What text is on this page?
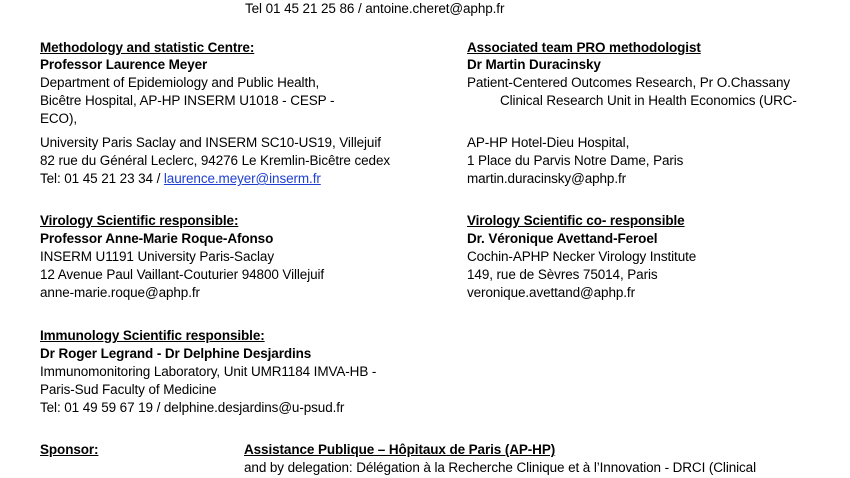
Tel 01 45 21 25 86 / antoine.cheret@aphp.fr
Methodology and statistic Centre:
Professor Laurence Meyer
Department of Epidemiology and Public Health,
Bicêtre Hospital, AP-HP INSERM U1018 - CESP -
ECO),
University Paris Saclay and INSERM SC10-US19, Villejuif
82 rue du Général Leclerc, 94276 Le Kremlin-Bicêtre cedex
Tel: 01 45 21 23 34 / laurence.meyer@inserm.fr
Associated team PRO methodologist
Dr Martin Duracinsky
Patient-Centered Outcomes Research, Pr O.Chassany
Clinical Research Unit in Health Economics (URC-
AP-HP Hotel-Dieu Hospital,
1 Place du Parvis Notre Dame, Paris
martin.duracinsky@aphp.fr
Virology Scientific responsible:
Professor Anne-Marie Roque-Afonso
INSERM U1191 University Paris-Saclay
12 Avenue Paul Vaillant-Couturier 94800 Villejuif
anne-marie.roque@aphp.fr
Virology Scientific co- responsible
Dr. Véronique Avettand-Feroel
Cochin-APHP Necker Virology Institute
149, rue de Sèvres 75014, Paris
veronique.avettand@aphp.fr
Immunology Scientific responsible:
Dr Roger Legrand - Dr Delphine Desjardins
Immunomonitoring Laboratory, Unit UMR1184 IMVA-HB -
Paris-Sud Faculty of Medicine
Tel: 01 49 59 67 19 / delphine.desjardins@u-psud.fr
Sponsor:	Assistance Publique – Hôpitaux de Paris (AP-HP)
and by delegation: Délégation à la Recherche Clinique et à l’Innovation - DRCI (Clinical
